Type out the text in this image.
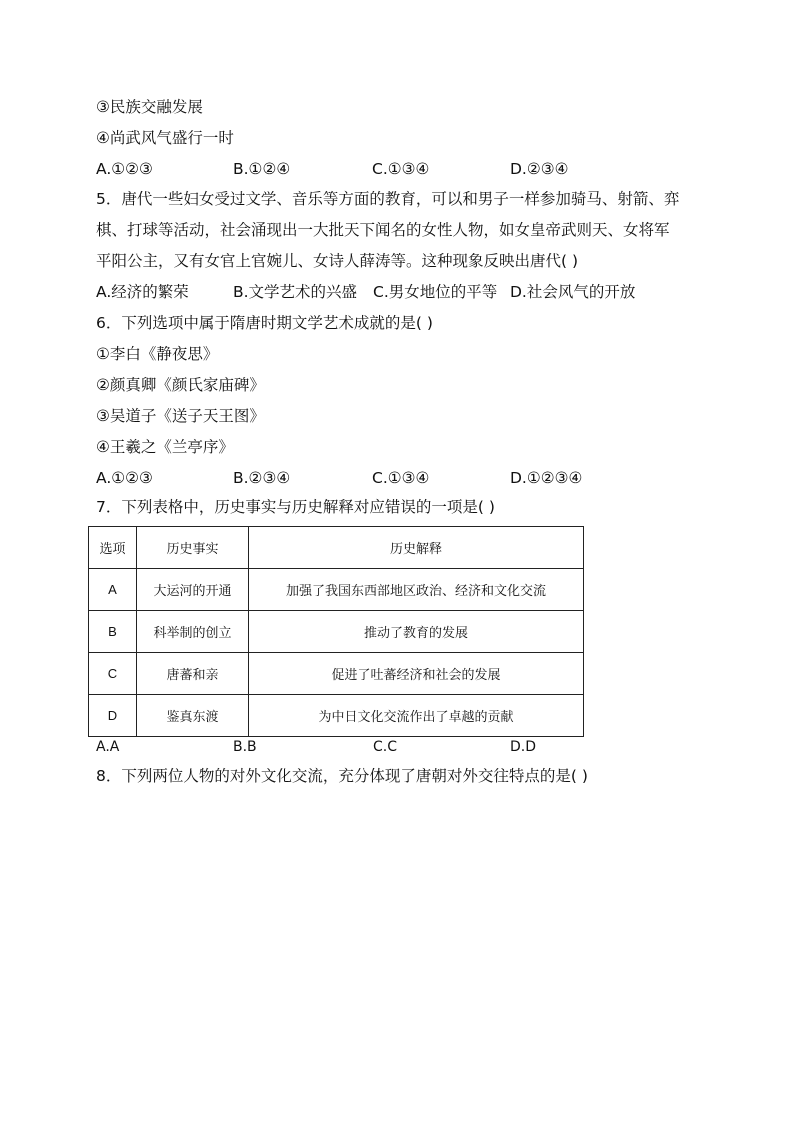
③民族交融发展
④尚武风气盛行一时
A.①②③	B.①②④	C.①③④	D.②③④
5．唐代一些妇女受过文学、音乐等方面的教育，可以和男子一样参加骑马、射箭、弈
棋、打球等活动，社会涌现出一大批天下闻名的女性人物，如女皇帝武则天、女将军
平阳公主，又有女官上官婉儿、女诗人薛涛等。这种现象反映出唐代( )
A.经济的繁荣	B.文学艺术的兴盛 C.男女地位的平等 D.社会风气的开放
6．下列选项中属于隋唐时期文学艺术成就的是( )
①李白《静夜思》
②颜真卿《颜氏家庙碑》
③吴道子《送子天王图》
④王羲之《兰亭序》
A.①②③	B.②③④	C.①③④	D.①②③④
7．下列表格中，历史事实与历史解释对应错误的一项是( )
选项	历史事实	历史解释
A	大运河的开通	加强了我国东西部地区政治、经济和文化交流
B	科举制的创立	推动了教育的发展
C	唐蕃和亲	促进了吐蕃经济和社会的发展
D	鉴真东渡	为中日文化交流作出了卓越的贡献
A.A	B.B	C.C	D.D
8．下列两位人物的对外文化交流，充分体现了唐朝对外交往特点的是( )
